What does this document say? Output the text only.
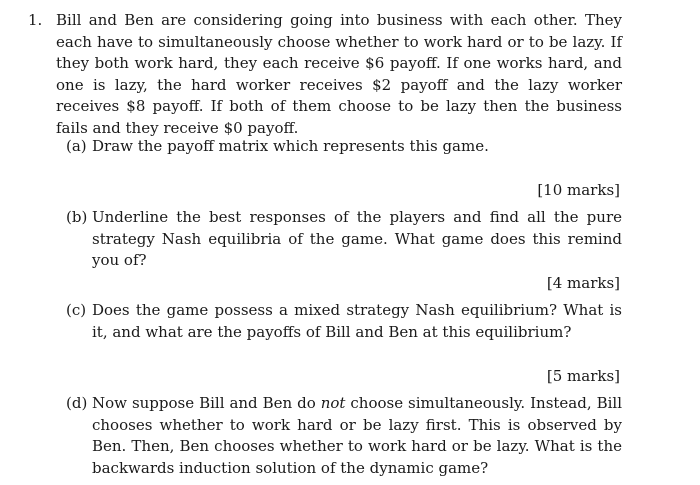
1. Bill and Ben are considering going into business with each other. They each have to simultaneously choose whether to work hard or to be lazy. If they both work hard, they each receive $6 payoff. If one works hard, and one is lazy, the hard worker receives $2 payoff and the lazy worker receives $8 payoff. If both of them choose to be lazy then the business fails and they receive $0 payoff.
(a) Draw the payoff matrix which represents this game.
[10 marks]
(b) Underline the best responses of the players and find all the pure strategy Nash equilibria of the game. What game does this remind you of?
[4 marks]
(c) Does the game possess a mixed strategy Nash equilibrium? What is it, and what are the payoffs of Bill and Ben at this equilibrium?
[5 marks]
(d) Now suppose Bill and Ben do not choose simultaneously. Instead, Bill chooses whether to work hard or be lazy first. This is observed by Ben. Then, Ben chooses whether to work hard or be lazy. What is the backwards induction solution of the dynamic game?
